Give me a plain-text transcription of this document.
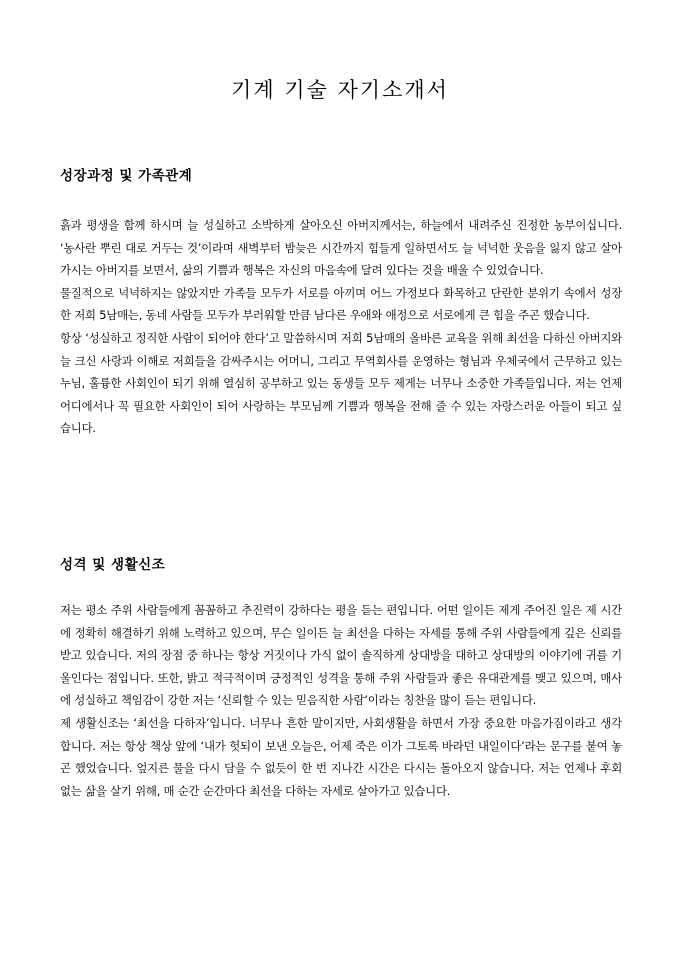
기계 기술 자기소개서
성장과정 및 가족관계

흙과 평생을 함께 하시며 늘 성실하고 소박하게 살아오신 아버지께서는, 하늘에서 내려주신 진정한 농부이십니다. ‘농사란 뿌린 대로 거두는 것’이라며 새벽부터 밤늦은 시간까지 힘들게 일하면서도 늘 넉넉한 웃음을 잃지 않고 살아가시는 아버지를 보면서, 삶의 기쁨과 행복은 자신의 마음속에 달려 있다는 것을 배울 수 있었습니다.

물질적으로 넉넉하지는 않았지만 가족들 모두가 서로를 아끼며 어느 가정보다 화목하고 단란한 분위기 속에서 성장한 저희 5남매는, 동네 사람들 모두가 부러워할 만큼 남다른 우애와 애정으로 서로에게 큰 힘을 주곤 했습니다.

항상 ‘성실하고 정직한 사람이 되어야 한다’고 말씀하시며 저희 5남매의 올바른 교육을 위해 최선을 다하신 아버지와 늘 크신 사랑과 이해로 저희들을 감싸주시는 어머니, 그리고 무역회사를 운영하는 형님과 우체국에서 근무하고 있는 누님, 훌륭한 사회인이 되기 위해 열심히 공부하고 있는 동생들 모두 제게는 너무나 소중한 가족들입니다. 저는 언제 어디에서나 꼭 필요한 사회인이 되어 사랑하는 부모님께 기쁨과 행복을 전해 줄 수 있는 자랑스러운 아들이 되고 싶습니다.

성격 및 생활신조

저는 평소 주위 사람들에게 꼼꼼하고 추진력이 강하다는 평을 듣는 편입니다. 어떤 일이든 제게 주어진 일은 제 시간에 정확히 해결하기 위해 노력하고 있으며, 무슨 일이든 늘 최선을 다하는 자세를 통해 주위 사람들에게 깊은 신뢰를 받고 있습니다. 저의 장점 중 하나는 항상 거짓이나 가식 없이 솔직하게 상대방을 대하고 상대방의 이야기에 귀를 기울인다는 점입니다. 또한, 밝고 적극적이며 긍정적인 성격을 통해 주위 사람들과 좋은 유대관계를 맺고 있으며, 매사에 성실하고 책임감이 강한 저는 ‘신뢰할 수 있는 믿음직한 사람’이라는 칭찬을 많이 듣는 편입니다.

제 생활신조는 ‘최선을 다하자’입니다. 너무나 흔한 말이지만, 사회생활을 하면서 가장 중요한 마음가짐이라고 생각합니다. 저는 항상 책상 앞에 ‘내가 헛되이 보낸 오늘은, 어제 죽은 이가 그토록 바라던 내일이다’라는 문구를 붙여 놓곤 했었습니다. 엎지른 물을 다시 담을 수 없듯이 한 번 지나간 시간은 다시는 돌아오지 않습니다. 저는 언제나 후회 없는 삶을 살기 위해, 매 순간 순간마다 최선을 다하는 자세로 살아가고 있습니다.
